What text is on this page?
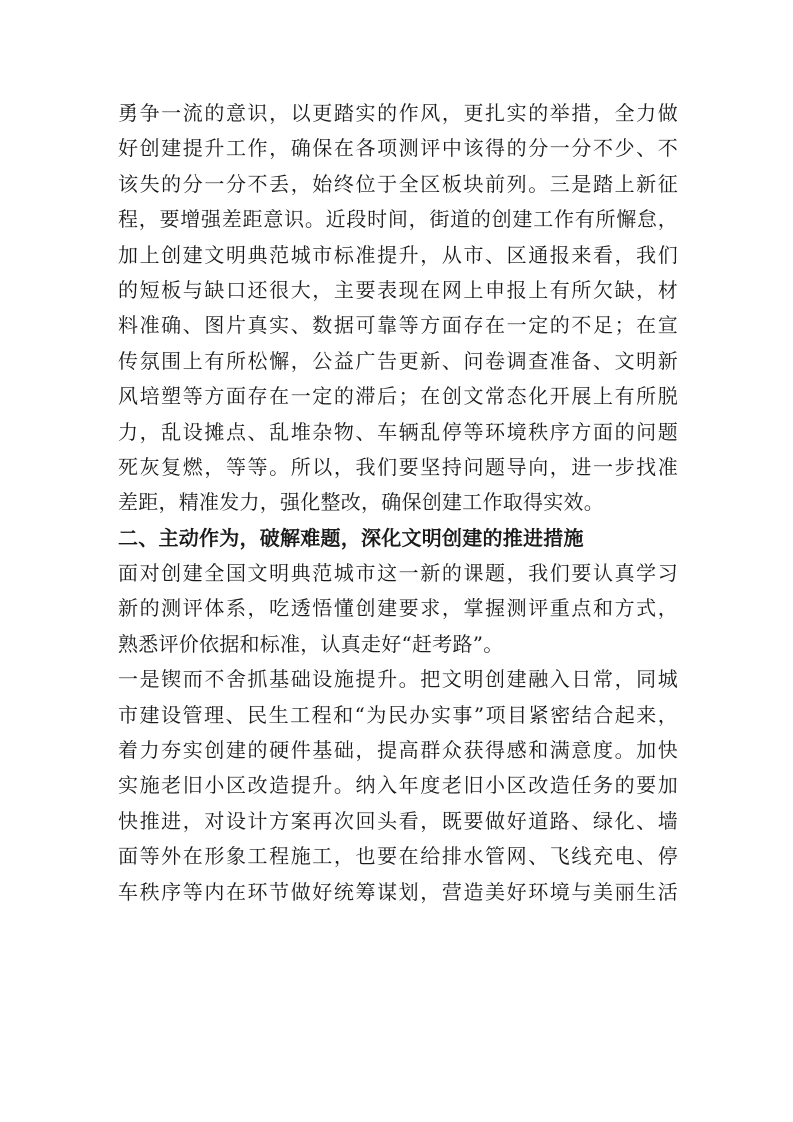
勇争一流的意识，以更踏实的作风，更扎实的举措，全力做
好创建提升工作，确保在各项测评中该得的分一分不少、不
该失的分一分不丢，始终位于全区板块前列。三是踏上新征
程，要增强差距意识。近段时间，街道的创建工作有所懈怠，
加上创建文明典范城市标准提升，从市、区通报来看，我们
的短板与缺口还很大，主要表现在网上申报上有所欠缺，材
料准确、图片真实、数据可靠等方面存在一定的不足；在宣
传氛围上有所松懈，公益广告更新、问卷调查准备、文明新
风培塑等方面存在一定的滞后；在创文常态化开展上有所脱
力，乱设摊点、乱堆杂物、车辆乱停等环境秩序方面的问题
死灰复燃，等等。所以，我们要坚持问题导向，进一步找准
差距，精准发力，强化整改，确保创建工作取得实效。
二、主动作为，破解难题，深化文明创建的推进措施
面对创建全国文明典范城市这一新的课题，我们要认真学习
新的测评体系，吃透悟懂创建要求，掌握测评重点和方式，
熟悉评价依据和标准，认真走好“赶考路”。
一是锲而不舍抓基础设施提升。把文明创建融入日常，同城
市建设管理、民生工程和“为民办实事”项目紧密结合起来，
着力夯实创建的硬件基础，提高群众获得感和满意度。加快
实施老旧小区改造提升。纳入年度老旧小区改造任务的要加
快推进，对设计方案再次回头看，既要做好道路、绿化、墙
面等外在形象工程施工，也要在给排水管网、飞线充电、停
车秩序等内在环节做好统筹谋划，营造美好环境与美丽生活
